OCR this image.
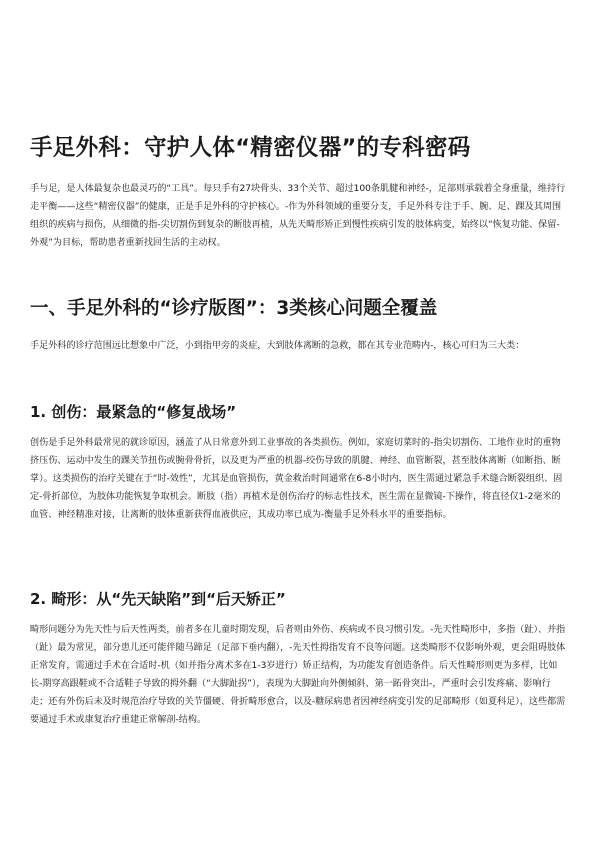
手足外科：守护人体“精密仪器”的专科密码

手与足，是人体最复杂也最灵巧的“工具”。每只手有27块骨头、33个关节、超过100条肌腱和神经-，足部则承载着全身重量，维持行走平衡——这些“精密仪器”的健康，正是手足外科的守护核心。-作为外科领域的重要分支，手足外科专注于手、腕、足、踝及其周围组织的疾病与损伤，从细微的指-尖切割伤到复杂的断肢再植，从先天畸形矫正到慢性疾病引发的肢体病变，始终以“恢复功能、保留-外观”为目标，帮助患者重新找回生活的主动权。

一、手足外科的“诊疗版图”：3类核心问题全覆盖

手足外科的诊疗范围远比想象中广泛，小到指甲旁的炎症，大到肢体离断的急救，都在其专业范畴内-，核心可归为三大类：

1. 创伤：最紧急的“修复战场”

创伤是手足外科最常见的就诊原因，涵盖了从日常意外到工业事故的各类损伤。例如，家庭切菜时的-指尖切割伤、工地作业时的重物挤压伤、运动中发生的踝关节扭伤或腕骨骨折，以及更为严重的机器-绞伤导致的肌腱、神经、血管断裂，甚至肢体离断（如断指、断掌）。这类损伤的治疗关键在于“时-效性”，尤其是血管损伤，黄金救治时间通常在6-8小时内，医生需通过紧急手术缝合断裂组织、固定-骨折部位，为肢体功能恢复争取机会。断肢（指）再植术是创伤治疗的标志性技术，医生需在显微镜-下操作，将直径仅1-2毫米的血管、神经精准对接，让离断的肢体重新获得血液供应，其成功率已成为-衡量手足外科水平的重要指标。

2. 畸形：从“先天缺陷”到“后天矫正”

畸形问题分为先天性与后天性两类，前者多在儿童时期发现，后者则由外伤、疾病或不良习惯引发。-先天性畸形中，多指（趾）、并指（趾）最为常见，部分患儿还可能伴随马蹄足（足部下垂内翻），-先天性拇指发育不良等问题。这类畸形不仅影响外观，更会阻碍肢体正常发育，需通过手术在合适时-机（如并指分离术多在1-3岁进行）矫正结构，为功能发育创造条件。后天性畸形则更为多样，比如长-期穿高跟鞋或不合适鞋子导致的拇外翻（“大脚趾拐”），表现为大脚趾向外侧倾斜、第一跖骨突出-，严重时会引发疼痛、影响行走；还有外伤后未及时规范治疗导致的关节僵硬、骨折畸形愈合，以及-糖尿病患者因神经病变引发的足部畸形（如夏科足），这些都需要通过手术或康复治疗重建正常解剖-结构。
